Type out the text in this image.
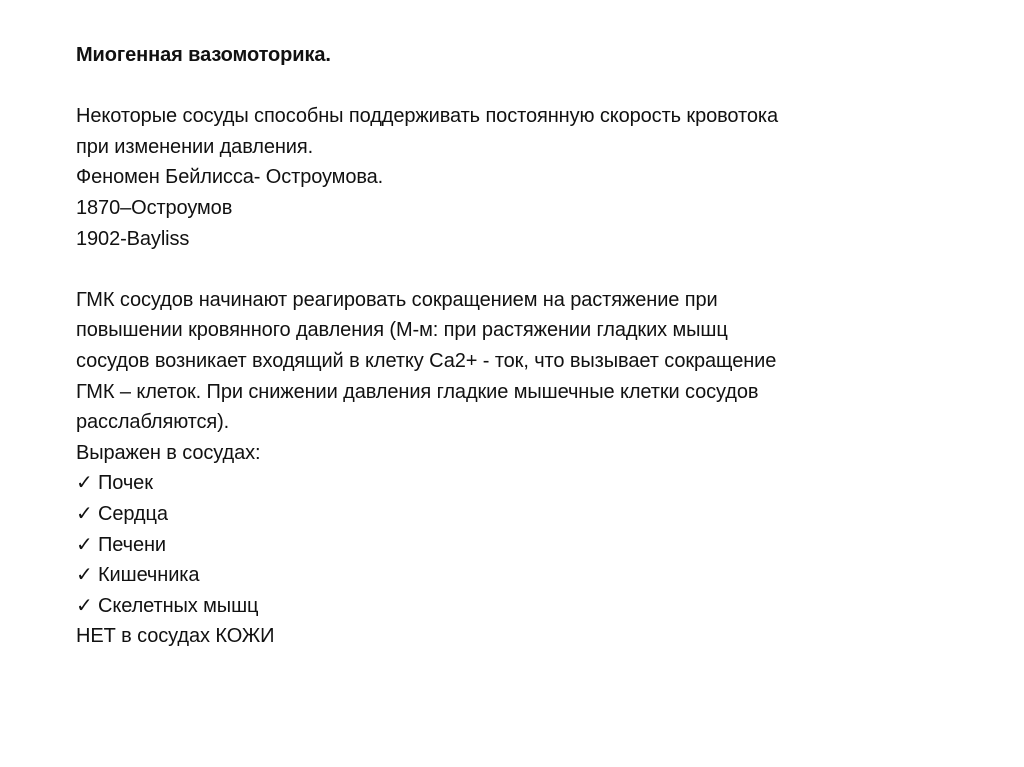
Миогенная вазомоторика.
Некоторые сосуды способны поддерживать постоянную скорость кровотока
при изменении давления.
Феномен Бейлисса- Остроумова.
1870–Остроумов
1902-Bayliss
ГМК сосудов начинают реагировать сокращением на растяжение при
повышении кровянного давления (М-м: при растяжении гладких мышц
сосудов возникает входящий в клетку Са2+ - ток, что вызывает сокращение
ГМК – клеток. При снижении давления гладкие мышечные клетки сосудов
расслабляются).
Выражен в сосудах:
✓ Почек
✓ Сердца
✓ Печени
✓ Кишечника
✓ Скелетных мышц
НЕТ в сосудах КОЖИ
